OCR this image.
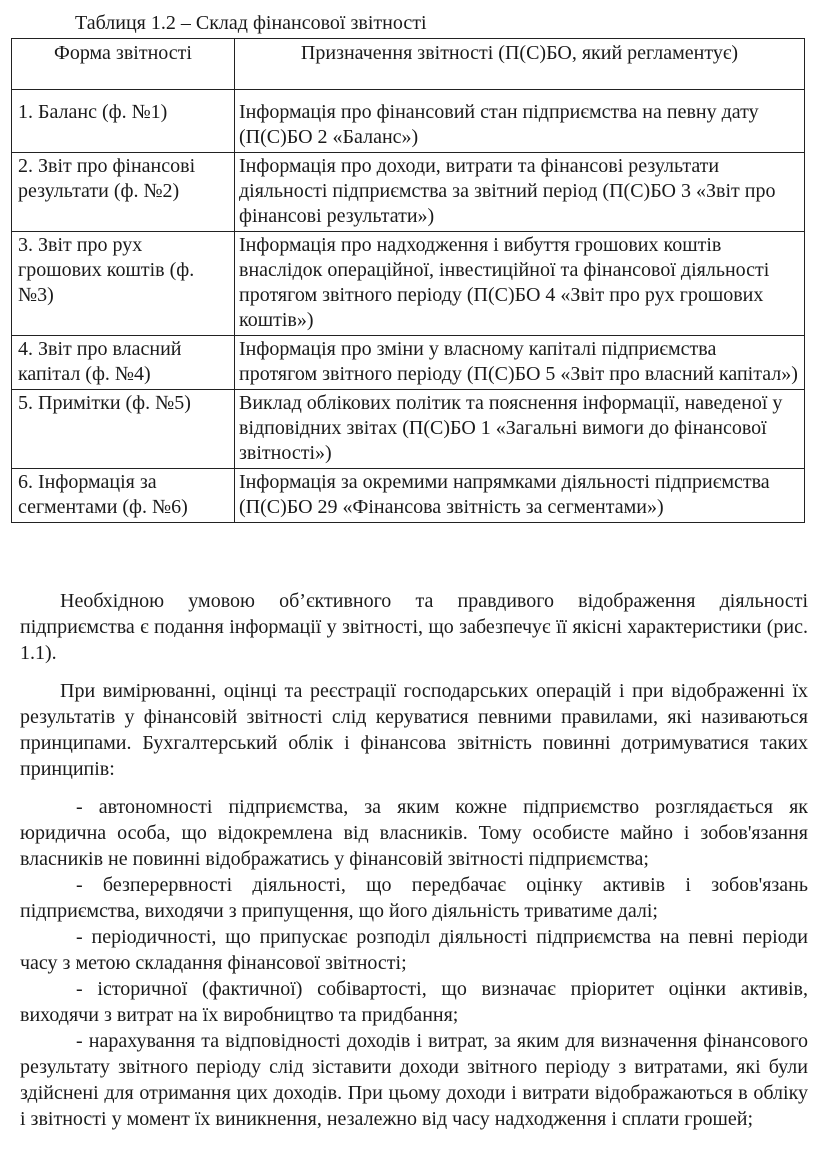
Таблиця 1.2 – Склад фінансової звітності
Форма звітності	Призначення звітності (П(С)БО, який регламентує)
1. Баланс (ф. №1)	Інформація про фінансовий стан підприємства на певну дату (П(С)БО 2 «Баланс»)
2. Звіт про фінансові результати (ф. №2)	Інформація про доходи, витрати та фінансові результати діяльності підприємства за звітний період (П(С)БО 3 «Звіт про фінансові результати»)
3. Звіт про рух грошових коштів (ф. №3)	Інформація про надходження і вибуття грошових коштів внаслідок операційної, інвестиційної та фінансової діяльності протягом звітного періоду (П(С)БО 4 «Звіт про рух грошових коштів»)
4. Звіт про власний капітал (ф. №4)	Інформація про зміни у власному капіталі підприємства протягом звітного періоду (П(С)БО 5 «Звіт про власний капітал»)
5. Примітки (ф. №5)	Виклад облікових політик та пояснення інформації, наведеної у відповідних звітах (П(С)БО 1 «Загальні вимоги до фінансової звітності»)
6. Інформація за сегментами (ф. №6)	Інформація за окремими напрямками діяльності підприємства (П(С)БО 29 «Фінансова звітність за сегментами»)

Необхідною умовою об’єктивного та правдивого відображення діяльності підприємства є подання інформації у звітності, що забезпечує її якісні характеристики (рис. 1.1).

При вимірюванні, оцінці та реєстрації господарських операцій і при відображенні їх результатів у фінансовій звітності слід керуватися певними правилами, які називаються принципами. Бухгалтерський облік і фінансова звітність повинні дотримуватися таких принципів:

- автономності підприємства, за яким кожне підприємство розглядається як юридична особа, що відокремлена від власників. Тому особисте майно і зобов'язання власників не повинні відображатись у фінансовій звітності підприємства;

- безперервності діяльності, що передбачає оцінку активів і зобов'язань підприємства, виходячи з припущення, що його діяльність триватиме далі;

- періодичності, що припускає розподіл діяльності підприємства на певні періоди часу з метою складання фінансової звітності;

- історичної (фактичної) собівартості, що визначає пріоритет оцінки активів, виходячи з витрат на їх виробництво та придбання;

- нарахування та відповідності доходів і витрат, за яким для визначення фінансового результату звітного періоду слід зіставити доходи звітного періоду з витратами, які були здійснені для отримання цих доходів. При цьому доходи і витрати відображаються в обліку і звітності у момент їх виникнення, незалежно від часу надходження і сплати грошей;
